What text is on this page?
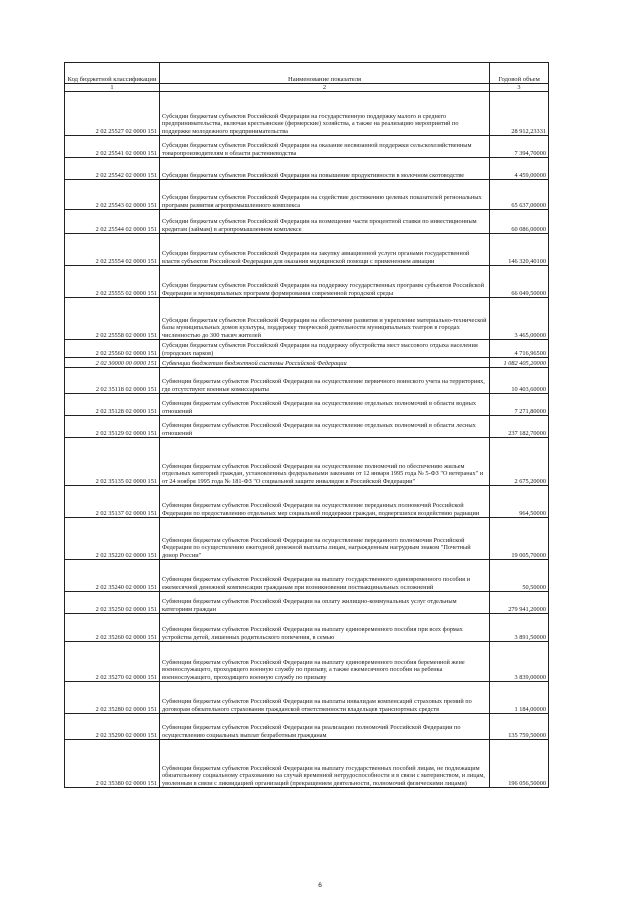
Код бюджетной классификации	Наименование показателя	Годовой объем
1	2	3
2 02 25527 02 0000 151	Субсидии бюджетам субъектов Российской Федерации на государственную поддержку малого и среднего предпринимательства, включая крестьянские (фермерские) хозяйства, а также на реализацию мероприятий по поддержке молодежного предпринимательства	28 912,23331
2 02 25541 02 0000 151	Субсидии бюджетам субъектов Российской Федерации на оказание несвязанной поддержки сельскохозяйственным товаропроизводителям в области растениеводства	7 394,70000
2 02 25542 02 0000 151	Субсидии бюджетам субъектов Российской Федерации на повышение продуктивности в молочном скотоводстве	4 459,00000
2 02 25543 02 0000 151	Субсидии бюджетам субъектов Российской Федерации на содействие достижению целевых показателей региональных программ развития агропромышленного комплекса	65 637,00000
2 02 25544 02 0000 151	Субсидии бюджетам субъектов Российской Федерации на возмещение части процентной ставки по инвестиционным кредитам (займам) в агропромышленном комплексе	60 086,00000
2 02 25554 02 0000 151	Субсидии бюджетам субъектов Российской Федерации на закупку авиационной услуги органами государственной власти субъектов Российской Федерации для оказания медицинской помощи с применением авиации	146 320,40100
2 02 25555 02 0000 151	Субсидии бюджетам субъектов Российской Федерации на поддержку государственных программ субъектов Российской Федерации и муниципальных программ формирования современной городской среды	66 049,50000
2 02 25558 02 0000 151	Субсидии бюджетам субъектов Российской Федерации на обеспечение развития и укрепление материально-технической базы муниципальных домов культуры, поддержку творческой деятельности муниципальных театров в городах численностью до 300 тысяч жителей	3 465,00000
2 02 25560 02 0000 151	Субсидии бюджетам субъектов Российской Федерации на поддержку обустройства мест массового отдыха населения (городских парков)	4 716,96500
2 02 30000 00 0000 151	Субвенции бюджетам бюджетной системы Российской Федерации	1 082 405,20000
2 02 35118 02 0000 151	Субвенции бюджетам субъектов Российской Федерации на осуществление первичного воинского учета на территориях, где отсутствуют военные комиссариаты	10 403,60000
2 02 35128 02 0000 151	Субвенции бюджетам субъектов Российской Федерации на осуществление отдельных полномочий в области водных отношений	7 271,80000
2 02 35129 02 0000 151	Субвенции бюджетам субъектов Российской Федерации на осуществление отдельных полномочий в области лесных отношений	237 182,70000
2 02 35135 02 0000 151	Субвенции бюджетам субъектов Российской Федерации на осуществление полномочий по обеспечению жильем отдельных категорий граждан, установленных федеральными законами от 12 января 1995 года № 5-ФЗ "О ветеранах" и от 24 ноября 1995 года № 181-ФЗ "О социальной защите инвалидов в Российской Федерации"	2 675,20000
2 02 35137 02 0000 151	Субвенции бюджетам субъектов Российской Федерации на осуществление переданных полномочий Российской Федерации по предоставлению отдельных мер социальной поддержки граждан, подвергшихся воздействию радиации	964,50000
2 02 35220 02 0000 151	Субвенции бюджетам субъектов Российской Федерации на осуществление переданного полномочия Российской Федерации по осуществлению ежегодной денежной выплаты лицам, награжденным нагрудным знаком "Почетный донор России"	19 005,70000
2 02 35240 02 0000 151	Субвенции бюджетам субъектов Российской Федерации на выплату государственного единовременного пособия и ежемесячной денежной компенсации гражданам при возникновении поствакцинальных осложнений	50,50000
2 02 35250 02 0000 151	Субвенции бюджетам субъектов Российской Федерации на оплату жилищно-коммунальных услуг отдельным категориям граждан	279 941,20000
2 02 35260 02 0000 151	Субвенции бюджетам субъектов Российской Федерации на выплату единовременного пособия при всех формах устройства детей, лишенных родительского попечения, в семью	3 891,50000
2 02 35270 02 0000 151	Субвенции бюджетам субъектов Российской Федерации на выплату единовременного пособия беременной жене военнослужащего, проходящего военную службу по призыву, а также ежемесячного пособия на ребенка военнослужащего, проходящего военную службу по призыву	3 839,00000
2 02 35280 02 0000 151	Субвенции бюджетам субъектов Российской Федерации на выплаты инвалидам компенсаций страховых премий по договорам обязательного страхования гражданской ответственности владельцев транспортных средств	1 184,00000
2 02 35290 02 0000 151	Субвенции бюджетам субъектов Российской Федерации на реализацию полномочий Российской Федерации по осуществлению социальных выплат безработным гражданам	135 759,50000
2 02 35380 02 0000 151	Субвенции бюджетам субъектов Российской Федерации на выплату государственных пособий лицам, не подлежащим обязательному социальному страхованию на случай временной нетрудоспособности и в связи с материнством, и лицам, уволенным в связи с ликвидацией организаций (прекращением деятельности, полномочий физическими лицами)	196 056,50000
6
